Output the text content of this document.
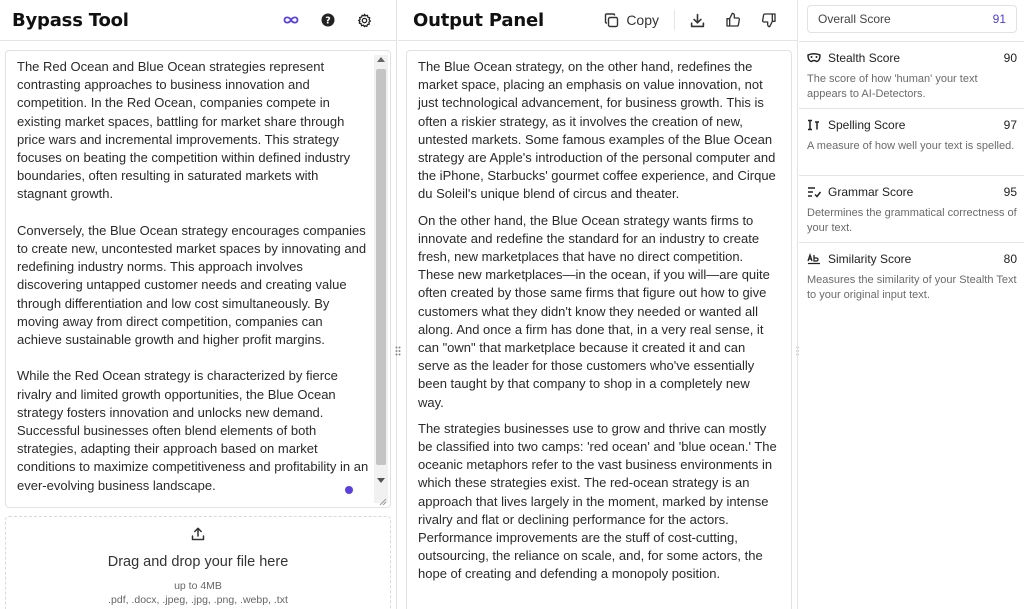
Bypass Tool	?
The Red Ocean and Blue Ocean strategies represent contrasting approaches to business innovation and competition. In the Red Ocean, companies compete in existing market spaces, battling for market share through price wars and incremental improvements. This strategy focuses on beating the competition within defined industry boundaries, often resulting in saturated markets with stagnant growth.

Conversely, the Blue Ocean strategy encourages companies to create new, uncontested market spaces by innovating and redefining industry norms. This approach involves discovering untapped customer needs and creating value through differentiation and low cost simultaneously. By moving away from direct competition, companies can achieve sustainable growth and higher profit margins.

While the Red Ocean strategy is characterized by fierce rivalry and limited growth opportunities, the Blue Ocean strategy fosters innovation and unlocks new demand. Successful businesses often blend elements of both strategies, adapting their approach based on market conditions to maximize competitiveness and profitability in an ever-evolving business landscape.
Drag and drop your file here
up to 4MB
.pdf, .docx, .jpeg, .jpg, .png, .webp, .txt
Output Panel	Copy

The Blue Ocean strategy, on the other hand, redefines the market space, placing an emphasis on value innovation, not just technological advancement, for business growth. This is often a riskier strategy, as it involves the creation of new, untested markets. Some famous examples of the Blue Ocean strategy are Apple's introduction of the personal computer and the iPhone, Starbucks' gourmet coffee experience, and Cirque du Soleil's unique blend of circus and theater.

On the other hand, the Blue Ocean strategy wants firms to innovate and redefine the standard for an industry to create fresh, new marketplaces that have no direct competition. These new marketplaces—in the ocean, if you will—are quite often created by those same firms that figure out how to give customers what they didn't know they needed or wanted all along. And once a firm has done that, in a very real sense, it can "own" that marketplace because it created it and can serve as the leader for those customers who've essentially been taught by that company to shop in a completely new way.

The strategies businesses use to grow and thrive can mostly be classified into two camps: 'red ocean' and 'blue ocean.' The oceanic metaphors refer to the vast business environments in which these strategies exist. The red-ocean strategy is an approach that lives largely in the moment, marked by intense rivalry and flat or declining performance for the actors. Performance improvements are the stuff of cost-cutting, outsourcing, the reliance on scale, and, for some actors, the hope of creating and defending a monopoly position.

Overall Score	91
Stealth Score	90
The score of how 'human' your text appears to AI-Detectors.
Spelling Score	97
A measure of how well your text is spelled.
Grammar Score	95
Determines the grammatical correctness of your text.
Similarity Score	80
Measures the similarity of your Stealth Text to your original input text.
